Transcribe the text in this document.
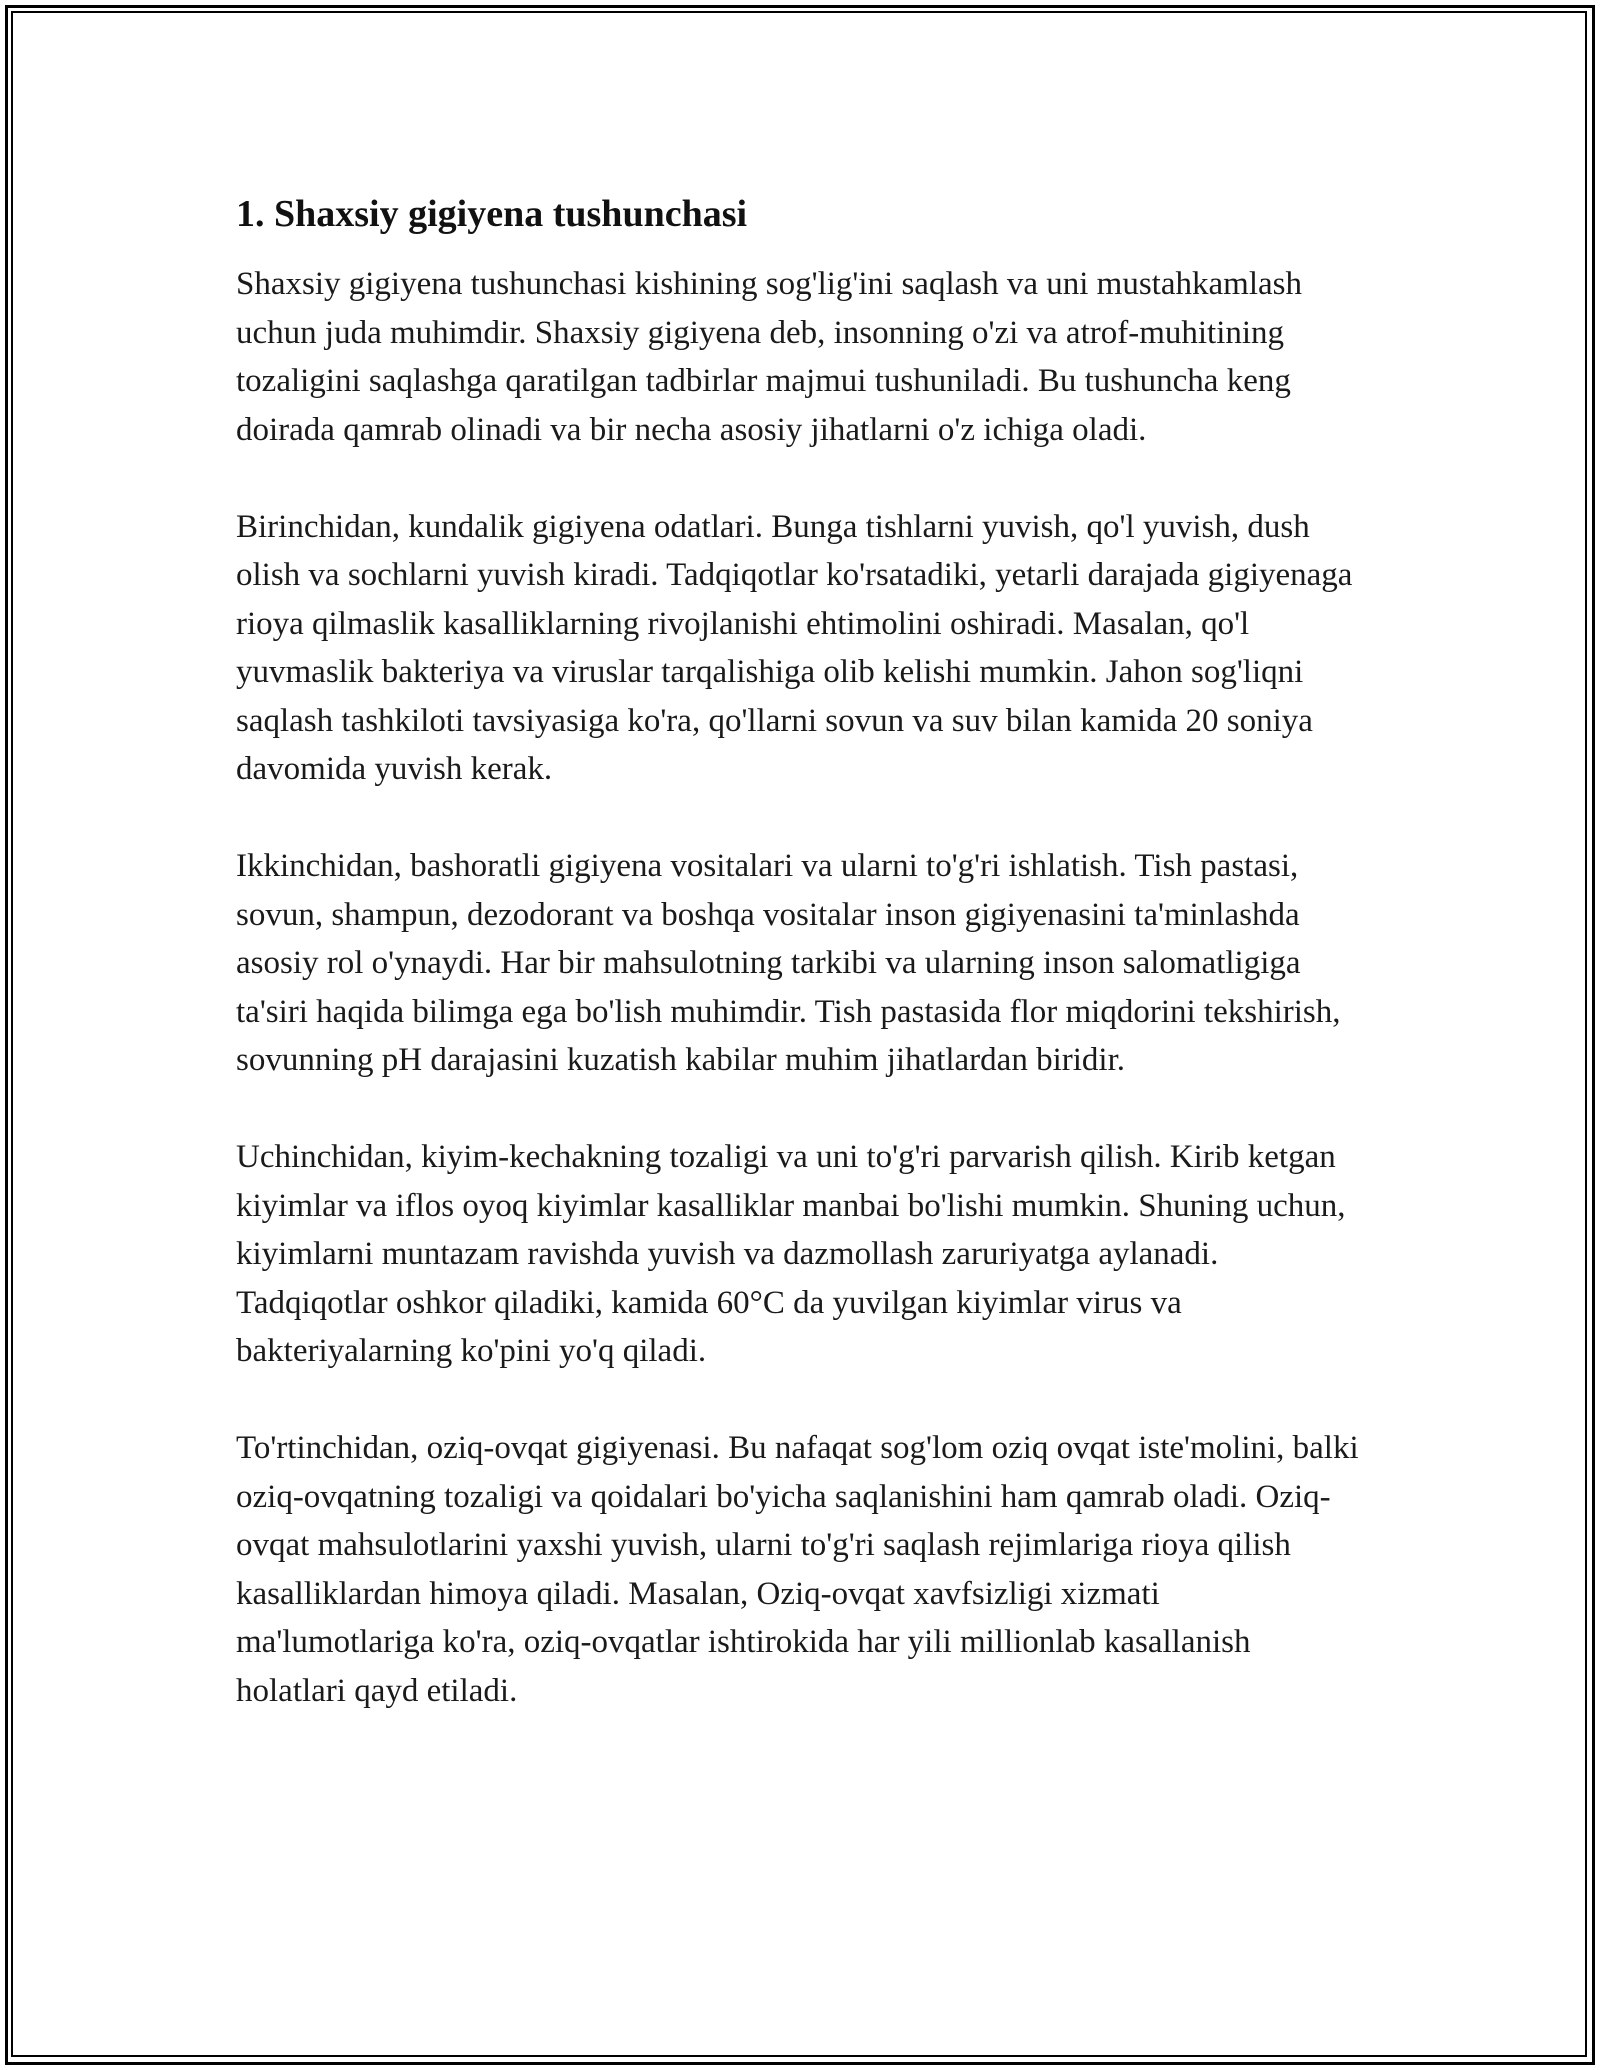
1. Shaxsiy gigiyena tushunchasi

Shaxsiy gigiyena tushunchasi kishining sog'lig'ini saqlash va uni mustahkamlash uchun juda muhimdir. Shaxsiy gigiyena deb, insonning o'zi va atrof-muhitining tozaligini saqlashga qaratilgan tadbirlar majmui tushuniladi. Bu tushuncha keng doirada qamrab olinadi va bir necha asosiy jihatlarni o'z ichiga oladi.

Birinchidan, kundalik gigiyena odatlari. Bunga tishlarni yuvish, qo'l yuvish, dush olish va sochlarni yuvish kiradi. Tadqiqotlar ko'rsatadiki, yetarli darajada gigiyenaga rioya qilmaslik kasalliklarning rivojlanishi ehtimolini oshiradi. Masalan, qo'l yuvmaslik bakteriya va viruslar tarqalishiga olib kelishi mumkin. Jahon sog'liqni saqlash tashkiloti tavsiyasiga ko'ra, qo'llarni sovun va suv bilan kamida 20 soniya davomida yuvish kerak.

Ikkinchidan, bashoratli gigiyena vositalari va ularni to'g'ri ishlatish. Tish pastasi, sovun, shampun, dezodorant va boshqa vositalar inson gigiyenasini ta'minlashda asosiy rol o'ynaydi. Har bir mahsulotning tarkibi va ularning inson salomatligiga ta'siri haqida bilimga ega bo'lish muhimdir. Tish pastasida flor miqdorini tekshirish, sovunning pH darajasini kuzatish kabilar muhim jihatlardan biridir.

Uchinchidan, kiyim-kechakning tozaligi va uni to'g'ri parvarish qilish. Kirib ketgan kiyimlar va iflos oyoq kiyimlar kasalliklar manbai bo'lishi mumkin. Shuning uchun, kiyimlarni muntazam ravishda yuvish va dazmollash zaruriyatga aylanadi. Tadqiqotlar oshkor qiladiki, kamida 60°C da yuvilgan kiyimlar virus va bakteriyalarning ko'pini yo'q qiladi.

To'rtinchidan, oziq-ovqat gigiyenasi. Bu nafaqat sog'lom oziq ovqat iste'molini, balki oziq-ovqatning tozaligi va qoidalari bo'yicha saqlanishini ham qamrab oladi. Oziq-ovqat mahsulotlarini yaxshi yuvish, ularni to'g'ri saqlash rejimlariga rioya qilish kasalliklardan himoya qiladi. Masalan, Oziq-ovqat xavfsizligi xizmati ma'lumotlariga ko'ra, oziq-ovqatlar ishtirokida har yili millionlab kasallanish holatlari qayd etiladi.
